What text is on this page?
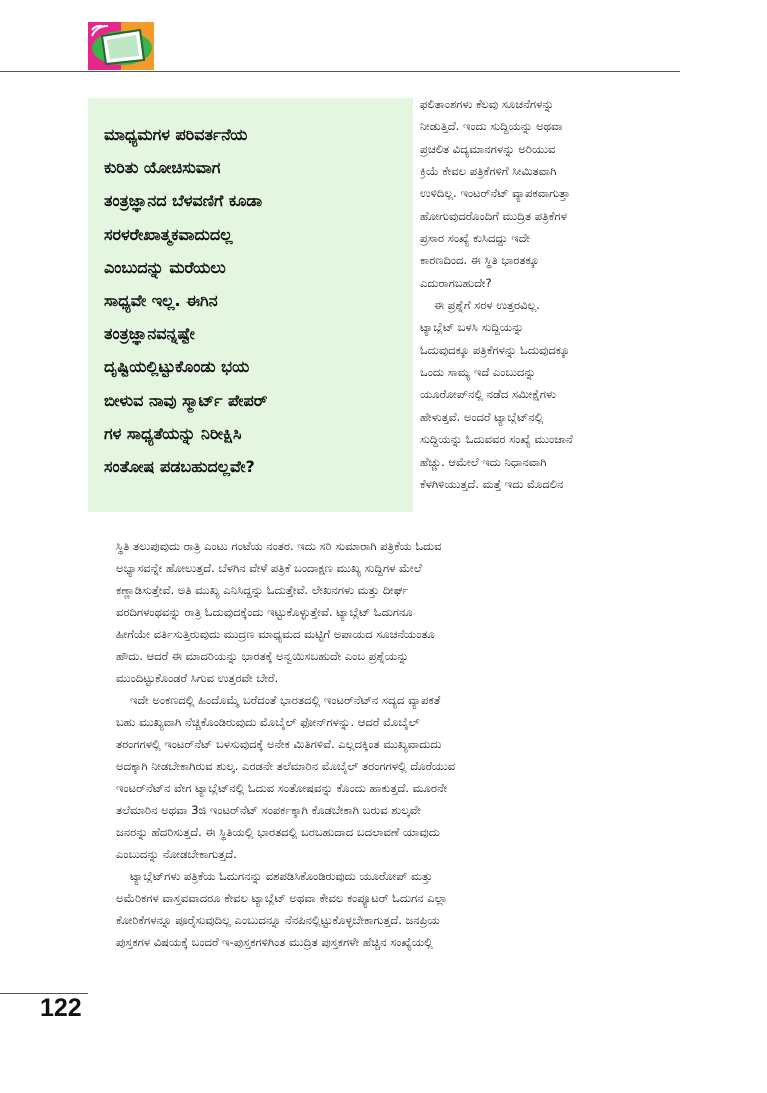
ಮಾಧ್ಯಮಗಳ ಪರಿವರ್ತನೆಯ
ಕುರಿತು ಯೋಚಿಸುವಾಗ
ತಂತ್ರಜ್ಞಾನದ ಬೆಳವಣಿಗೆ ಕೂಡಾ
ಸರಳರೇಖಾತ್ಮಕವಾದುದಲ್ಲ
ಎಂಬುದನ್ನು ಮರೆಯಲು
ಸಾಧ್ಯವೇ ಇಲ್ಲ. ಈಗಿನ
ತಂತ್ರಜ್ಞಾನವನ್ನಷ್ಟೇ
ದೃಷ್ಟಿಯಲ್ಲಿಟ್ಟುಕೊಂಡು ಭಯ
ಬೀಳುವ ನಾವು ಸ್ಮಾರ್ಟ್ ಪೇಪರ್
ಗಳ ಸಾಧ್ಯತೆಯನ್ನು ನಿರೀಕ್ಷಿಸಿ
ಸಂತೋಷ ಪಡಬಹುದಲ್ಲವೇ?
ಫಲಿತಾಂಶಗಳು ಕೆಲವು ಸೂಚನೆಗಳನ್ನು
ನೀಡುತ್ತಿದೆ. ಇಂದು ಸುದ್ದಿಯನ್ನು ಅಥವಾ
ಪ್ರಚಲಿತ ವಿದ್ಯಮಾನಗಳನ್ನು ಅರಿಯುವ
ಕ್ರಿಯೆ ಕೇವಲ ಪತ್ರಿಕೆಗಳಿಗೆ ಸೀಮಿತವಾಗಿ
ಉಳಿದಿಲ್ಲ. ಇಂಟರ್‌ನೆಟ್ ವ್ಯಾಪಕವಾಗುತ್ತಾ
ಹೋಗುವುದರೊಂದಿಗೆ ಮುದ್ರಿತ ಪತ್ರಿಕೆಗಳ
ಪ್ರಸಾರ ಸಂಖ್ಯೆ ಕುಸಿದದ್ದು ಇದೇ
ಕಾರಣದಿಂದ. ಈ ಸ್ಥಿತಿ ಭಾರತಕ್ಕೂ
ಎದುರಾಗಬಹುದೇ?
ಈ ಪ್ರಶ್ನೆಗೆ ಸರಳ ಉತ್ತರವಿಲ್ಲ.
ಟ್ಯಾಬ್ಲೆಟ್ ಬಳಸಿ ಸುದ್ದಿಯನ್ನು
ಓದುವುದಕ್ಕೂ ಪತ್ರಿಕೆಗಳನ್ನು ಓದುವುದಕ್ಕೂ
ಒಂದು ಸಾಮ್ಯ ಇದೆ ಎಂಬುದನ್ನು
ಯೂರೋಪ್‌ನಲ್ಲಿ ನಡೆದ ಸಮೀಕ್ಷೆಗಳು
ಹೇಳುತ್ತವೆ. ಅಂದರೆ ಟ್ಯಾಬ್ಲೆಟ್‌ನಲ್ಲಿ
ಸುದ್ದಿಯನ್ನು ಓದುವವರ ಸಂಖ್ಯೆ ಮುಂಜಾನೆ
ಹೆಚ್ಚು. ಆಮೇಲೆ ಇದು ನಿಧಾನವಾಗಿ
ಕೆಳಗಿಳಿಯುತ್ತದೆ. ಮತ್ತೆ ಇದು ಮೊದಲಿನ
ಸ್ಥಿತಿ ತಲುಪುವುದು ರಾತ್ರಿ ಎಂಟು ಗಂಟೆಯ ನಂತರ. ಇದು ಸರಿ ಸುಮಾರಾಗಿ ಪತ್ರಿಕೆಯ ಓದುವ
ಅಭ್ಯಾಸವನ್ನೇ ಹೋಲುತ್ತದೆ. ಬೆಳಗಿನ ವೇಳೆ ಪತ್ರಿಕೆ ಬಂದಾಕ್ಷಣ ಮುಖ್ಯ ಸುದ್ದಿಗಳ ಮೇಲೆ
ಕಣ್ಣಾಡಿಸುತ್ತೇವೆ. ಅತಿ ಮುಖ್ಯ ಎನಿಸಿದ್ದನ್ನು ಓದುತ್ತೇವೆ. ಲೇಖನಗಳು ಮತ್ತು ದೀರ್ಘ
ವರದಿಗಳಂಥವನ್ನು ರಾತ್ರಿ ಓದುವುದಕ್ಕೆಂದು ಇಟ್ಟುಕೊಳ್ಳುತ್ತೇವೆ. ಟ್ಯಾಬ್ಲೆಟ್ ಓದುಗನೂ
ಹೀಗೆಯೇ ವರ್ತಿಸುತ್ತಿರುವುದು ಮುದ್ರಣ ಮಾಧ್ಯಮದ ಮಟ್ಟಿಗೆ ಅಪಾಯದ ಸೂಚನೆಯಂತೂ
ಹೌದು. ಆದರೆ ಈ ಮಾದರಿಯನ್ನು ಭಾರತಕ್ಕೆ ಅನ್ವಯಿಸಬಹುದೇ ಎಂಬ ಪ್ರಶ್ನೆಯನ್ನು
ಮುಂದಿಟ್ಟುಕೊಂಡರೆ ಸಿಗುವ ಉತ್ತರವೇ ಬೇರೆ.
ಇದೇ ಅಂಕಣದಲ್ಲಿ ಹಿಂದೊಮ್ಮೆ ಬರೆದಂತೆ ಭಾರತದಲ್ಲಿ ಇಂಟರ್‌ನೆಟ್‌ನ ಸದ್ಯದ ವ್ಯಾಪಕತೆ
ಬಹು ಮುಖ್ಯವಾಗಿ ನೆಚ್ಚಿಕೊಂಡಿರುವುದು ಮೊಬೈಲ್ ಫೋನ್‌ಗಳನ್ನು. ಆದರೆ ಮೊಬೈಲ್
ತರಂಗಗಳಲ್ಲಿ ಇಂಟರ್‌ನೆಟ್ ಬಳಸುವುದಕ್ಕೆ ಅನೇಕ ಮಿತಿಗಳಿವೆ. ಎಲ್ಲದಕ್ಕಿಂತ ಮುಖ್ಯವಾದುದು
ಅದಕ್ಕಾಗಿ ನೀಡಬೇಕಾಗಿರುವ ಶುಲ್ಕ. ಎರಡನೇ ತಲೆಮಾರಿನ ಮೊಬೈಲ್ ತರಂಗಗಳಲ್ಲಿ ದೊರೆಯುವ
ಇಂಟರ್‌ನೆಟ್‌ನ ವೇಗ ಟ್ಯಾಬ್ಲೆಟ್‌ನಲ್ಲಿ ಓದುವ ಸಂತೋಷವನ್ನು ಕೊಂದು ಹಾಕುತ್ತದೆ. ಮೂರನೇ
ತಲೆಮಾರಿನ ಅಥವಾ 3ಜಿ ಇಂಟರ್‌ನೆಟ್ ಸಂಪರ್ಕಕ್ಕಾಗಿ ಕೊಡಬೇಕಾಗಿ ಬರುವ ಶುಲ್ಕವೇ
ಜನರನ್ನು ಹೆದರಿಸುತ್ತದೆ. ಈ ಸ್ಥಿತಿಯಲ್ಲಿ ಭಾರತದಲ್ಲಿ ಬರಬಹುದಾದ ಬದಲಾವಣೆ ಯಾವುದು
ಎಂಬುದನ್ನು ನೋಡಬೇಕಾಗುತ್ತದೆ.
ಟ್ಯಾಬ್ಲೆಟ್‌ಗಳು ಪತ್ರಿಕೆಯ ಓದುಗನನ್ನು ವಶಪಡಿಸಿಕೊಂಡಿರುವುದು ಯೂರೋಪ್ ಮತ್ತು
ಅಮೆರಿಕಗಳ ವಾಸ್ತವವಾದರೂ ಕೇವಲ ಟ್ಯಾಬ್ಲೆಟ್ ಅಥವಾ ಕೇವಲ ಕಂಪ್ಯೂಟರ್ ಓದುಗನ ಎಲ್ಲಾ
ಕೋರಿಕೆಗಳನ್ನೂ ಪೂರೈಸುವುದಿಲ್ಲ ಎಂಬುದನ್ನೂ ನೆನಪಿನಲ್ಲಿಟ್ಟುಕೊಳ್ಳಬೇಕಾಗುತ್ತದೆ. ಜನಪ್ರಿಯ
ಪುಸ್ತಕಗಳ ವಿಷಯಕ್ಕೆ ಬಂದರೆ ಇ-ಪುಸ್ತಕಗಳಿಗಿಂತ ಮುದ್ರಿತ ಪುಸ್ತಕಗಳೇ ಹೆಚ್ಚಿನ ಸಂಖ್ಯೆಯಲ್ಲಿ
122
